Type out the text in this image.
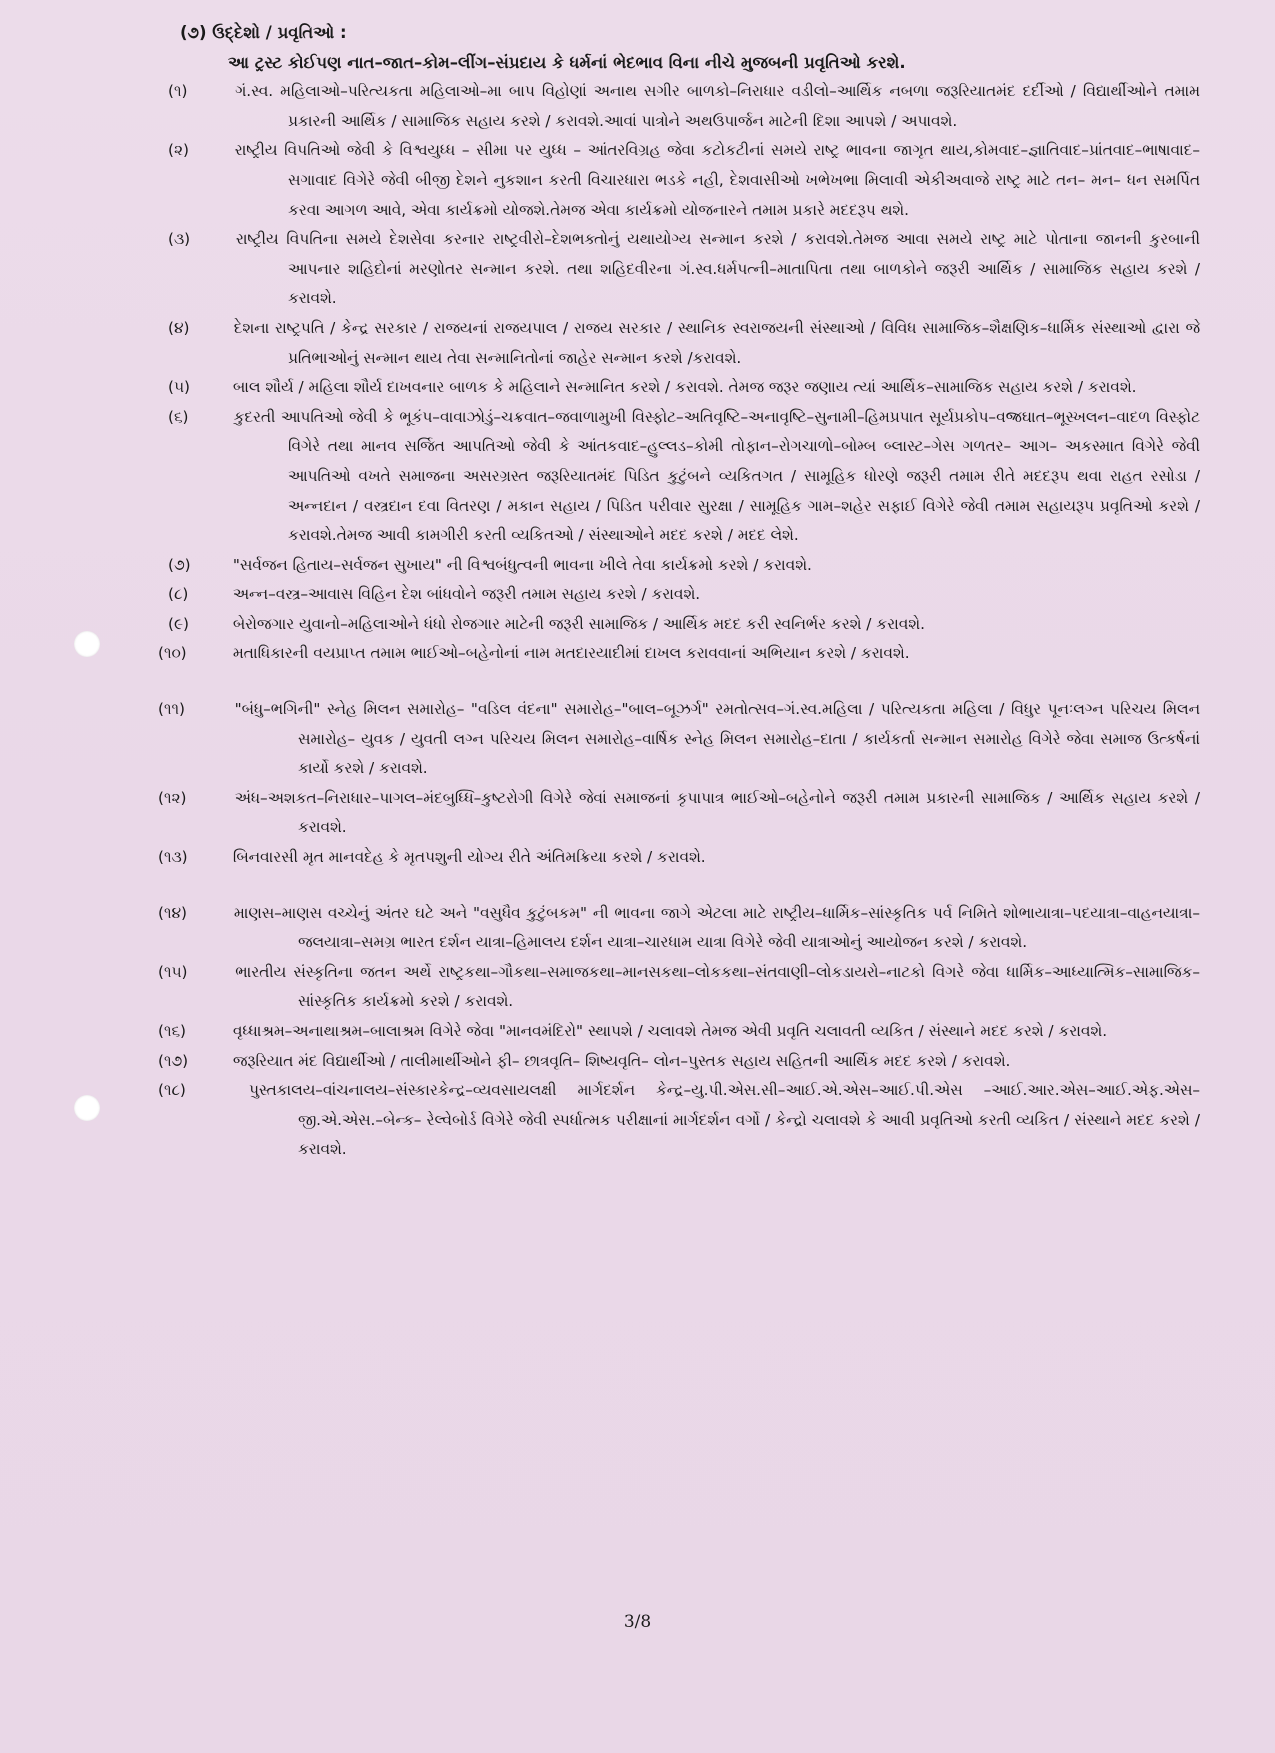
(૭) ઉદ્દેશો / પ્રવૃતિઓ :

આ ટ્રસ્ટ કોઈપણ નાત–જાત–કોમ–લીંગ–સંપ્રદાય કે ધર્મનાં ભેદભાવ વિના નીચે મુજબની પ્રવૃતિઓ કરશે.

(૧)	ગં.સ્વ. મહિલાઓ–પરિત્યકતા મહિલાઓ–મા બાપ વિહોણાં અનાથ સગીર બાળકો–નિરાધાર વડીલો–આર્થિક નબળા જરૂરિયાતમંદ દર્દીઓ / વિદ્યાર્થીઓને તમામ પ્રકારની આર્થિક / સામાજિક સહાય કરશે / કરાવશે.આવાં પાત્રોને અથઉપાર્જન માટેની દિશા આપશે / અપાવશે.

(૨)	રાષ્ટ્રીય વિપતિઓ જેવી કે વિશ્વયુધ્ધ – સીમા પર યુધ્ધ – આંતરવિગ્રહ જેવા કટોકટીનાં સમયે રાષ્ટ્ર ભાવના જાગૃત થાય,કોમવાદ–જ્ઞાતિવાદ–પ્રાંતવાદ–ભાષાવાદ–સગાવાદ વિગેરે જેવી બીજી દેશને નુકશાન કરતી વિચારધારા ભડકે નહી, દેશવાસીઓ ખભેખભા મિલાવી એકીઅવાજે રાષ્ટ્ર માટે તન– મન– ધન સમર્પિત કરવા આગળ આવે, એવા કાર્યક્રમો યોજશે.તેમજ એવા કાર્યક્રમો યોજનારને તમામ પ્રકારે મદદરૂપ થશે.

(૩)	રાષ્ટ્રીય વિપતિના સમયે દેશસેવા કરનાર રાષ્ટ્રવીરો–દેશભક્તોનું યથાયોગ્ય સન્માન કરશે / કરાવશે.તેમજ આવા સમયે રાષ્ટ્ર માટે પોતાના જાનની કુરબાની આપનાર શહિદોનાં મરણોતર સન્માન કરશે. તથા શહિદવીરના ગં.સ્વ.ધર્મપત્ની–માતાપિતા તથા બાળકોને જરૂરી આર્થિક / સામાજિક સહાય કરશે / કરાવશે.

(૪)	દેશના રાષ્ટ્રપતિ / કેન્દ્ર સરકાર / રાજયનાં રાજયપાલ / રાજય સરકાર / સ્થાનિક સ્વરાજયની સંસ્થાઓ / વિવિધ સામાજિક–શૈક્ષણિક–ધાર્મિક સંસ્થાઓ દ્વારા જે પ્રતિભાઓનું સન્માન થાય તેવા સન્માનિતોનાં જાહેર સન્માન કરશે /કરાવશે.

(૫)	બાલ શૌર્ય / મહિલા શૌર્ય દાખવનાર બાળક કે મહિલાને સન્માનિત કરશે / કરાવશે. તેમજ જરૂર જણાય ત્યાં આર્થિક–સામાજિક સહાય કરશે / કરાવશે.

(૬)	કુદરતી આપતિઓ જેવી કે ભૂકંપ–વાવાઝોડું–ચક્રવાત–જવાળામુખી વિસ્ફોટ–અતિવૃષ્ટિ–અનાવૃષ્ટિ–સુનામી–હિમપ્રપાત સૂર્યપ્રકોપ–વજ્રઘાત–ભૂસ્ખલન–વાદળ વિસ્ફોટ વિગેરે તથા માનવ સર્જિત આપતિઓ જેવી કે આંતકવાદ–હુલ્લડ–કોમી તોફાન–રોગચાળો–બોમ્બ બ્લાસ્ટ–ગેસ ગળતર– આગ– અકસ્માત વિગેરે જેવી આપતિઓ વખતે સમાજના અસરગ્રસ્ત જરૂરિયાતમંદ પિડિત કુટુંબને વ્યકિતગત / સામૂહિક ધોરણે જરૂરી તમામ રીતે મદદરૂપ થવા રાહત રસોડા / અન્નદાન / વસ્ત્રદાન દવા વિતરણ / મકાન સહાય / પિડિત પરીવાર સુરક્ષા / સામૂહિક ગામ–શહેર સફાઈ વિગેરે જેવી તમામ સહાયરૂપ પ્રવૃતિઓ કરશે / કરાવશે.તેમજ આવી કામગીરી કરતી વ્યકિતઓ / સંસ્થાઓને મદદ કરશે / મદદ લેશે.

(૭)	"સર્વજન હિતાય–સર્વજન સુખાય" ની વિશ્વબંધુત્વની ભાવના ખીલે તેવા કાર્યક્રમો કરશે / કરાવશે.

(૮)	અન્ન–વસ્ત્ર–આવાસ વિહિન દેશ બાંધવોને જરૂરી તમામ સહાય કરશે / કરાવશે.

(૯)	બેરોજગાર યુવાનો–મહિલાઓને ધંધો રોજગાર માટેની જરૂરી સામાજિક / આર્થિક મદદ કરી સ્વનિર્ભર કરશે / કરાવશે.

(૧૦)	મતાધિકારની વયપ્રાપ્ત તમામ ભાઈઓ–બહેનોનાં નામ મતદારયાદીમાં દાખલ કરાવવાનાં અભિયાન કરશે / કરાવશે.

(૧૧)	"બંધુ–ભગિની" સ્નેહ મિલન સમારોહ– "વડિલ વંદના" સમારોહ–"બાલ–બૂઝર્ગ" રમતોત્સવ–ગં.સ્વ.મહિલા / પરિત્યકતા મહિલા / વિધુર પૂનઃલગ્ન પરિચય મિલન સમારોહ– યુવક / યુવતી લગ્ન પરિચય મિલન સમારોહ–વાર્ષિક સ્નેહ મિલન સમારોહ–દાતા / કાર્યકર્તા સન્માન સમારોહ વિગેરે જેવા સમાજ ઉત્કર્ષનાં કાર્યો કરશે / કરાવશે.

(૧૨)	અંધ–અશકત–નિરાધાર–પાગલ–મંદબુધ્ધિ–કુષ્ટરોગી વિગેરે જેવાં સમાજનાં કૃપાપાત્ર ભાઈઓ–બહેનોને જરૂરી તમામ પ્રકારની સામાજિક / આર્થિક સહાય કરશે / કરાવશે.

(૧૩)	બિનવારસી મૃત માનવદેહ કે મૃતપશુની યોગ્ય રીતે અંતિમક્રિયા કરશે / કરાવશે.

(૧૪)	માણસ–માણસ વચ્ચેનું અંતર ઘટે અને "વસુધૈવ કુટુંબકમ" ની ભાવના જાગે એટલા માટે રાષ્ટ્રીય–ધાર્મિક–સાંસ્કૃતિક પર્વ નિમિતે શોભાયાત્રા–પદયાત્રા–વાહનયાત્રા–જલયાત્રા–સમગ્ર ભારત દર્શન યાત્રા–હિમાલય દર્શન યાત્રા–ચારધામ યાત્રા વિગેરે જેવી યાત્રાઓનું આયોજન કરશે / કરાવશે.

(૧૫)	ભારતીય સંસ્કૃતિના જતન અર્થે રાષ્ટ્રકથા–ગૌકથા–સમાજકથા–માનસકથા–લોકકથા–સંતવાણી–લોકડાયરો–નાટકો વિગરે જેવા ધાર્મિક–આધ્યાત્મિક–સામાજિક–સાંસ્કૃતિક કાર્યક્રમો કરશે / કરાવશે.

(૧૬)	વૃધ્ધાશ્રમ–અનાથાશ્રમ–બાલાશ્રમ વિગેરે જેવા "માનવમંદિરો" સ્થાપશે / ચલાવશે તેમજ એવી પ્રવૃતિ ચલાવતી વ્યકિત / સંસ્થાને મદદ કરશે / કરાવશે.

(૧૭)	જરૂરિયાત મંદ વિદ્યાર્થીઓ / તાલીમાર્થીઓને ફી– છાત્રવૃતિ– શિષ્યવૃતિ– લોન–પુસ્તક સહાય સહિતની આર્થિક મદદ કરશે / કરાવશે.

(૧૮)	પુસ્તકાલય–વાંચનાલય–સંસ્કારકેન્દ્ર–વ્યવસાયલક્ષી માર્ગદર્શન કેન્દ્ર–યુ.પી.એસ.સી–આઈ.એ.એસ–આઈ.પી.એસ –આઈ.આર.એસ–આઈ.એફ.એસ–જી.એ.એસ.–બેન્ક– રેલ્વેબોર્ડ વિગેરે જેવી સ્પર્ધાત્મક પરીક્ષાનાં માર્ગદર્શન વર્ગો / કેન્દ્રો ચલાવશે કે આવી પ્રવૃતિઓ કરતી વ્યકિત / સંસ્થાને મદદ કરશે / કરાવશે.

3/8
